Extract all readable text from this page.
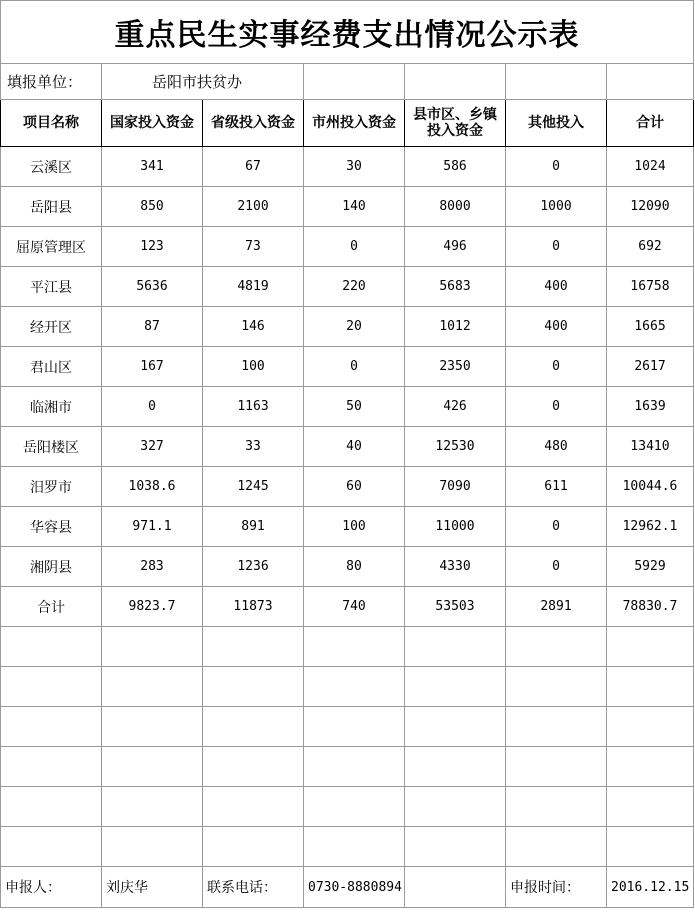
重点民生实事经费支出情况公示表						
填报单位：	岳阳市扶贫办					
项目名称	国家投入资金	省级投入资金	市州投入资金	县市区、乡镇投入资金	其他投入	合计
云溪区	341	67	30	586	0	1024
岳阳县	850	2100	140	8000	1000	12090
屈原管理区	123	73	0	496	0	692
平江县	5636	4819	220	5683	400	16758
经开区	87	146	20	1012	400	1665
君山区	167	100	0	2350	0	2617
临湘市	0	1163	50	426	0	1639
岳阳楼区	327	33	40	12530	480	13410
汨罗市	1038.6	1245	60	7090	611	10044.6
华容县	971.1	891	100	11000	0	12962.1
湘阴县	283	1236	80	4330	0	5929
合计	9823.7	11873	740	53503	2891	78830.7

申报人：	刘庆华	联系电话：	0730-8880894		申报时间：	2016.12.15
